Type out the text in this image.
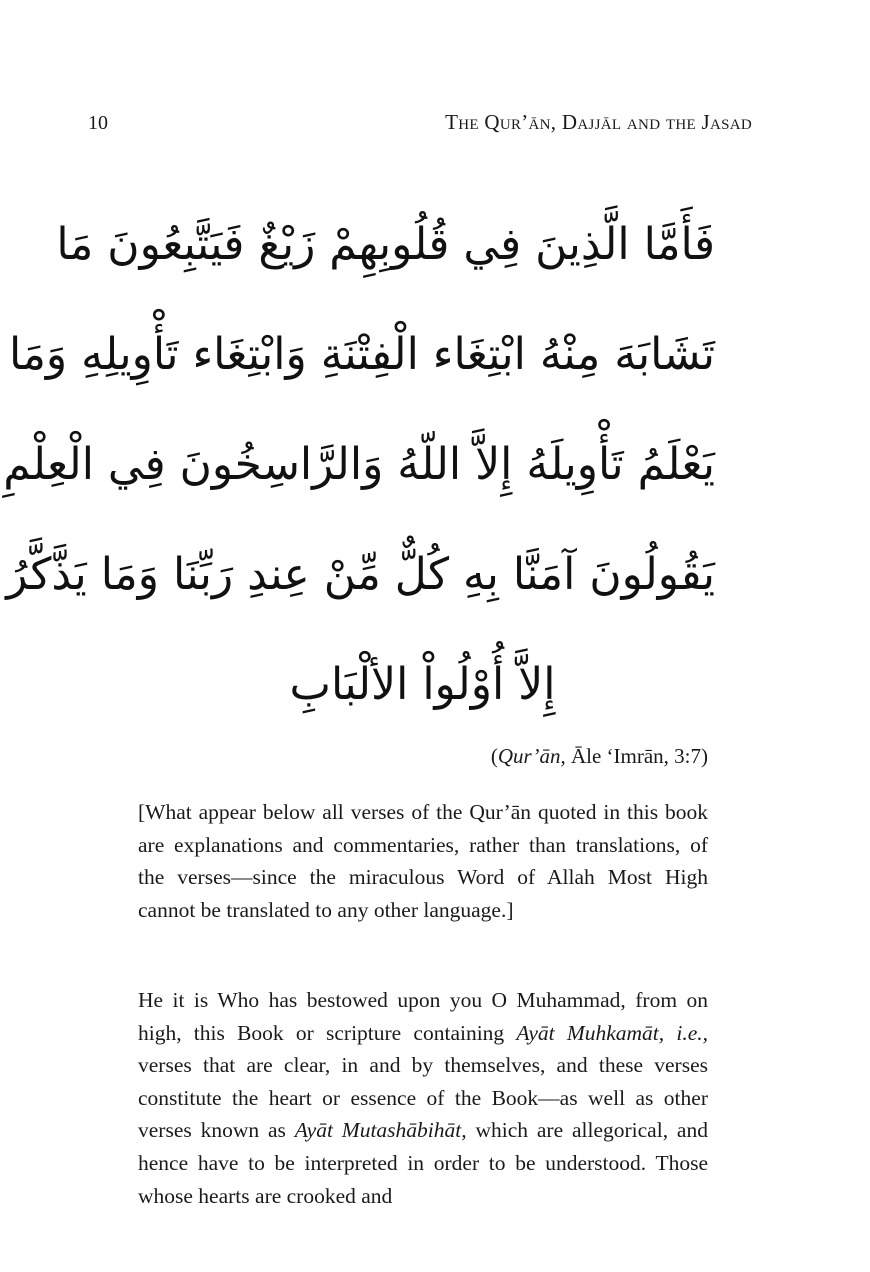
10	The Qur’ān, Dajjāl and the Jasad
فَأَمَّا الَّذِينَ فِي قُلُوبِهِمْ زَيْغٌ فَيَتَّبِعُونَ مَا
تَشَابَهَ مِنْهُ ابْتِغَاء الْفِتْنَةِ وَابْتِغَاء تَأْوِيلِهِ وَمَا
يَعْلَمُ تَأْوِيلَهُ إِلاَّ اللّهُ وَالرَّاسِخُونَ فِي الْعِلْمِ
يَقُولُونَ آمَنَّا بِهِ كُلٌّ مِّنْ عِندِ رَبِّنَا وَمَا يَذَّكَّرُ
إِلاَّ أُوْلُواْ الألْبَابِ
(Qur’ān, Āle ‘Imrān, 3:7)

[What appear below all verses of the Qur’ān quoted in this book are explanations and commentaries, rather than translations, of the verses—since the miraculous Word of Allah Most High cannot be translated to any other language.]

He it is Who has bestowed upon you O Muhammad, from on high, this Book or scripture containing Ayāt Muhkamāt, i.e., verses that are clear, in and by themselves, and these verses constitute the heart or essence of the Book—as well as other verses known as Ayāt Mutashābihāt, which are allegorical, and hence have to be interpreted in order to be understood. Those whose hearts are crooked and
